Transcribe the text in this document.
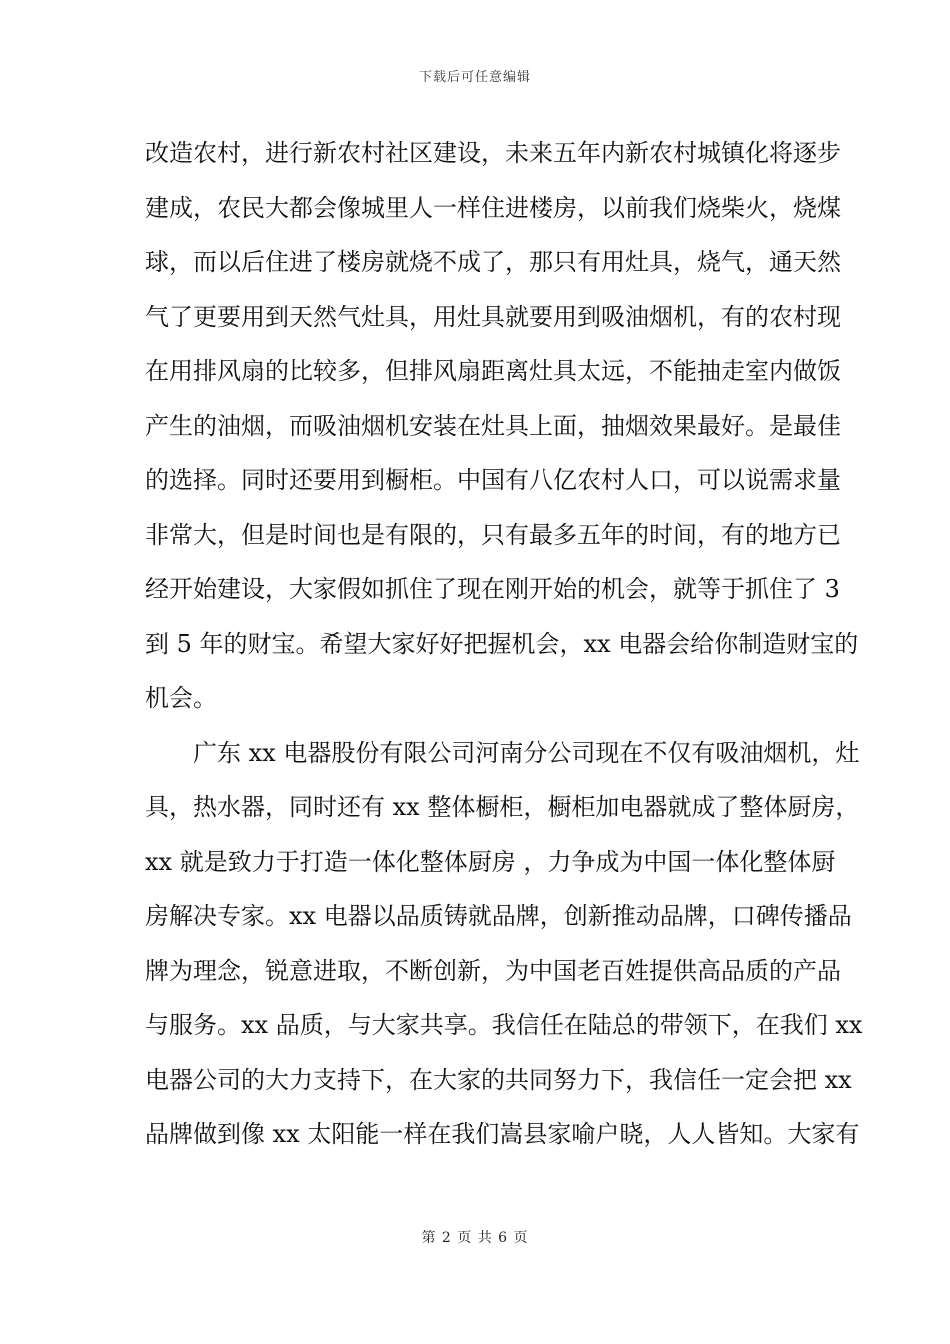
下载后可任意编辑
改造农村，进行新农村社区建设，未来五年内新农村城镇化将逐步
建成，农民大都会像城里人一样住进楼房，以前我们烧柴火，烧煤
球，而以后住进了楼房就烧不成了，那只有用灶具，烧气，通天然
气了更要用到天然气灶具，用灶具就要用到吸油烟机，有的农村现
在用排风扇的比较多，但排风扇距离灶具太远，不能抽走室内做饭
产生的油烟，而吸油烟机安装在灶具上面，抽烟效果最好。是最佳
的选择。同时还要用到橱柜。中国有八亿农村人口，可以说需求量
非常大，但是时间也是有限的，只有最多五年的时间，有的地方已
经开始建设，大家假如抓住了现在刚开始的机会，就等于抓住了 3
到 5 年的财宝。希望大家好好把握机会，xx 电器会给你制造财宝的
机会。
广东 xx 电器股份有限公司河南分公司现在不仅有吸油烟机，灶
具，热水器，同时还有 xx 整体橱柜，橱柜加电器就成了整体厨房，
xx 就是致力于打造一体化整体厨房 ，力争成为中国一体化整体厨
房解决专家。xx 电器以品质铸就品牌，创新推动品牌，口碑传播品
牌为理念，锐意进取，不断创新，为中国老百姓提供高品质的产品
与服务。xx 品质，与大家共享。我信任在陆总的带领下，在我们 xx
电器公司的大力支持下，在大家的共同努力下，我信任一定会把 xx
品牌做到像 xx 太阳能一样在我们嵩县家喻户晓，人人皆知。大家有
第 2 页 共 6 页
